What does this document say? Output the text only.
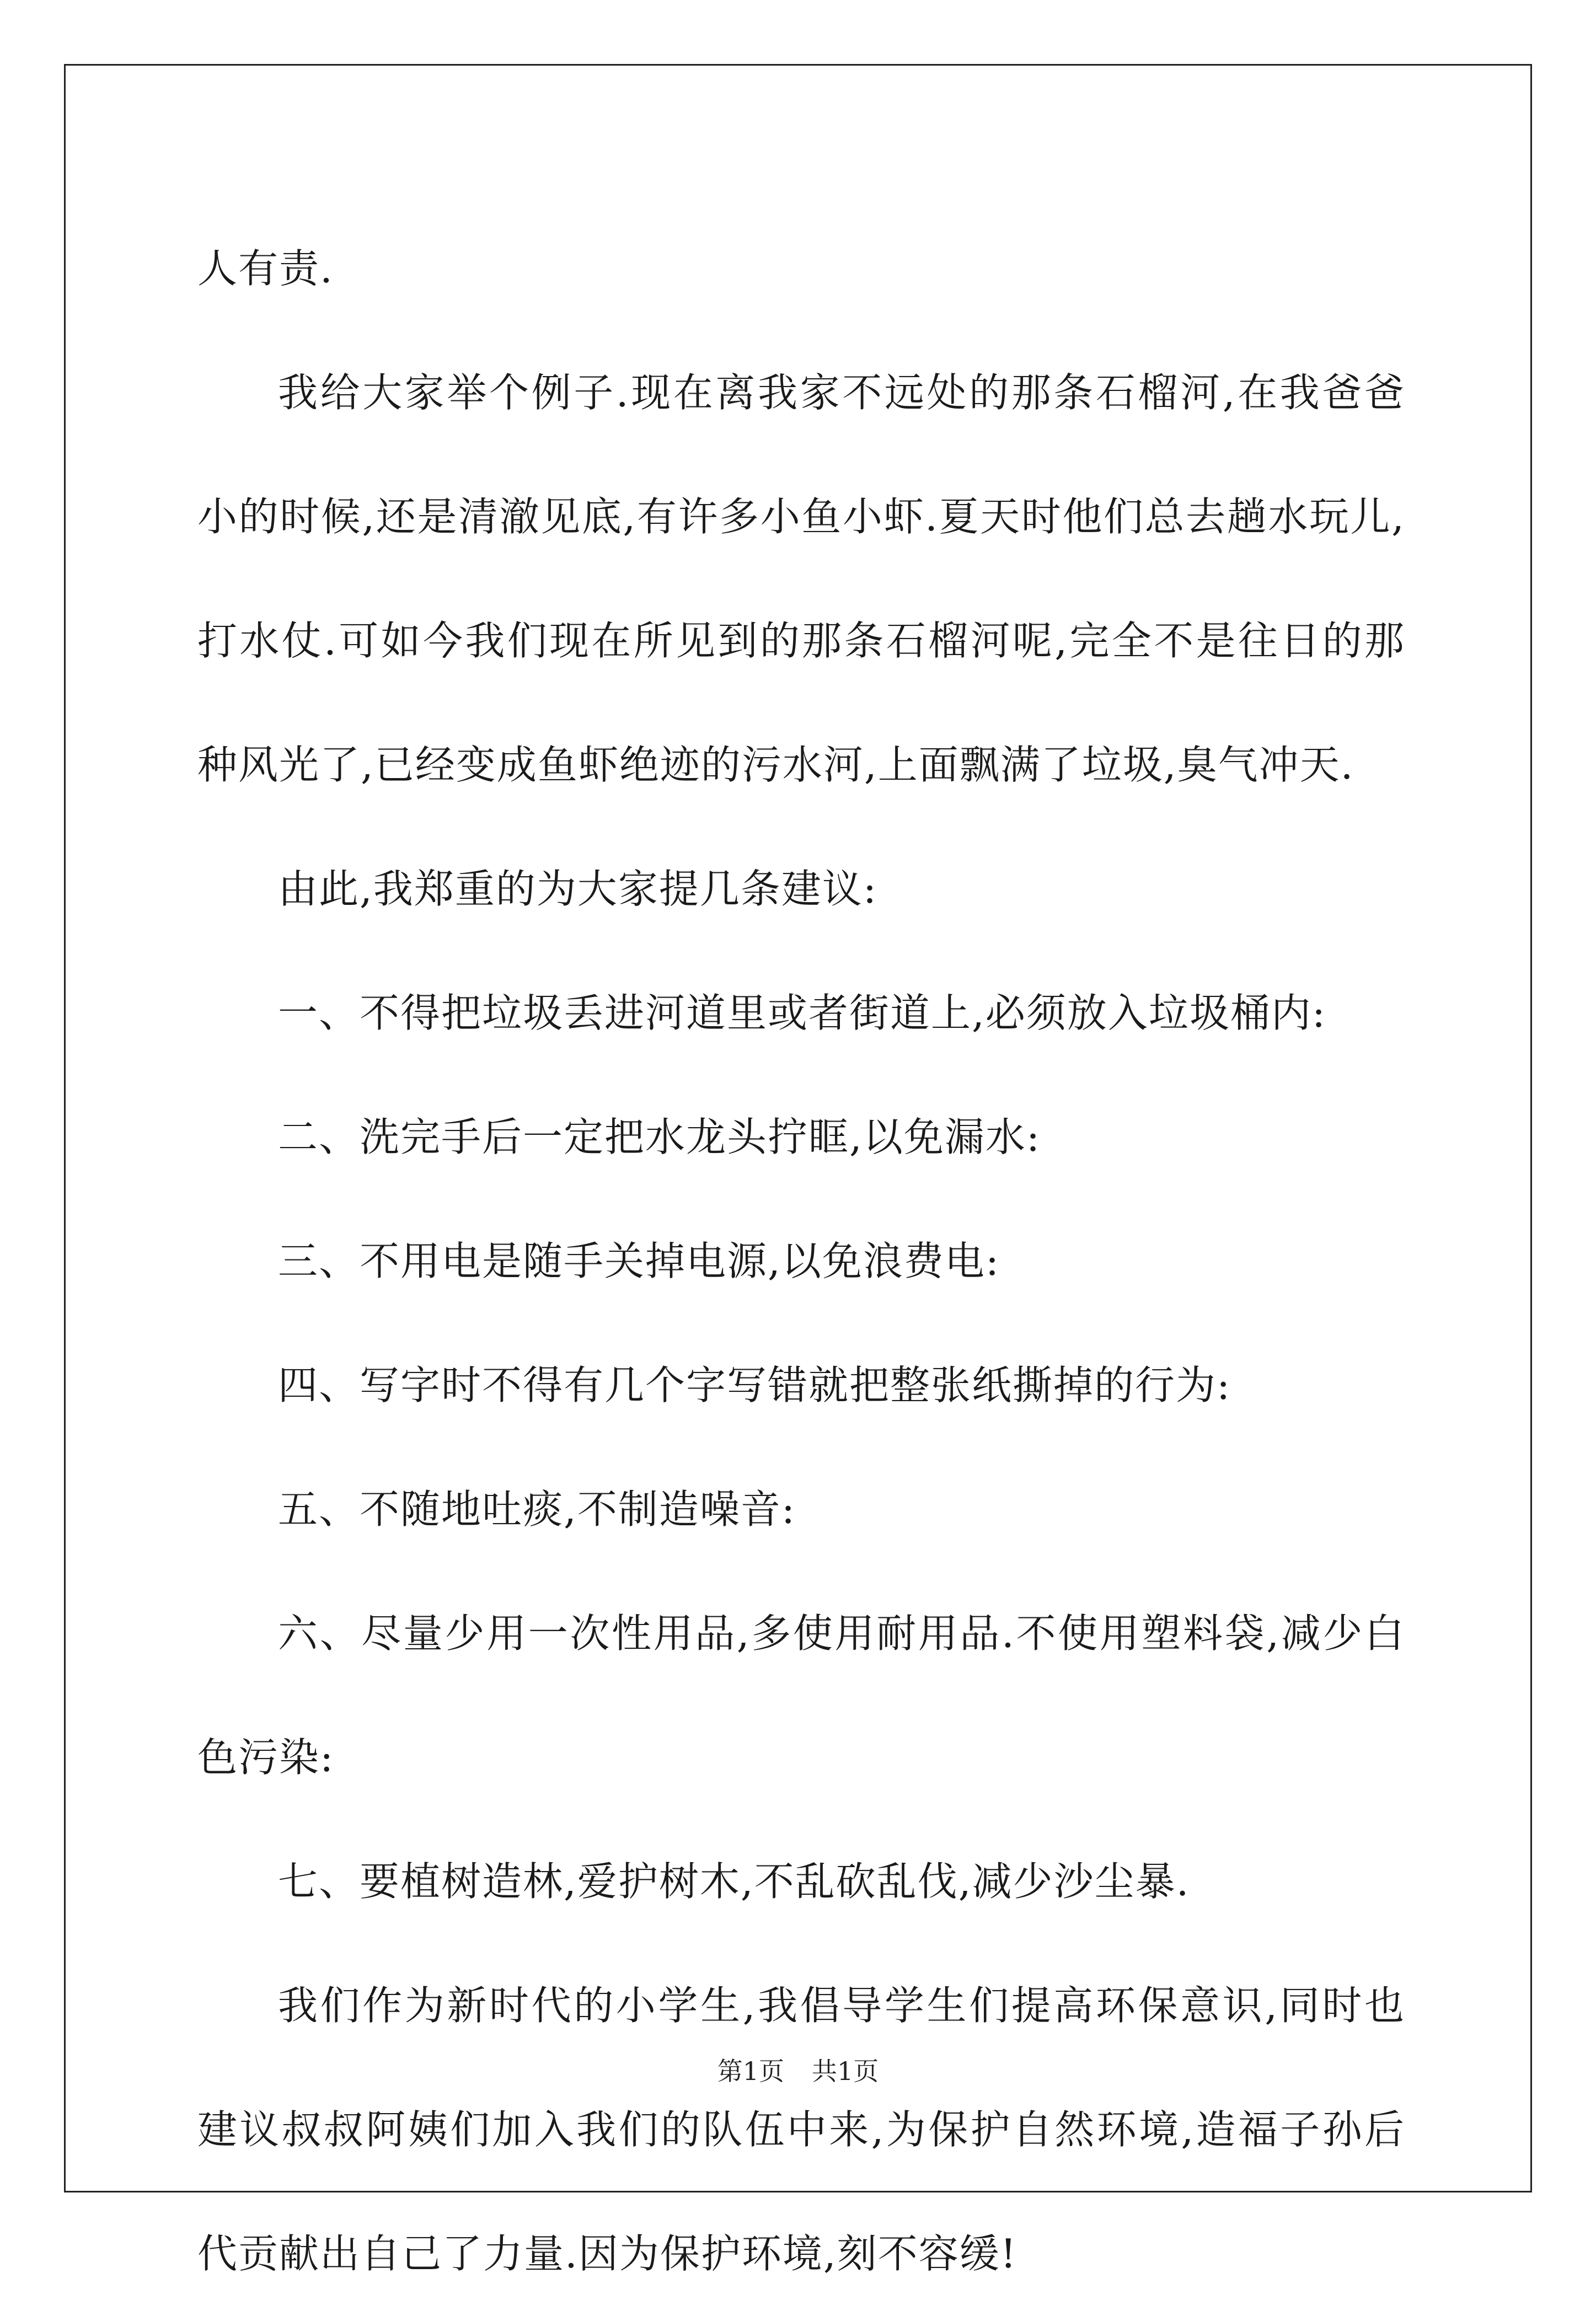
人有责.

我给大家举个例子.现在离我家不远处的那条石榴河,在我爸爸小的时候,还是清澈见底,有许多小鱼小虾.夏天时他们总去趟水玩儿,打水仗.可如今我们现在所见到的那条石榴河呢,完全不是往日的那种风光了,已经变成鱼虾绝迹的污水河,上面飘满了垃圾,臭气冲天.

由此,我郑重的为大家提几条建议:

一、不得把垃圾丢进河道里或者街道上,必须放入垃圾桶内:

二、洗完手后一定把水龙头拧眶,以免漏水:

三、不用电是随手关掉电源,以免浪费电:

四、写字时不得有几个字写错就把整张纸撕掉的行为:

五、不随地吐痰,不制造噪音:

六、尽量少用一次性用品,多使用耐用品.不使用塑料袋,减少白色污染:

七、要植树造林,爱护树木,不乱砍乱伐,减少沙尘暴.

我们作为新时代的小学生,我倡导学生们提高环保意识,同时也建议叔叔阿姨们加入我们的队伍中来,为保护自然环境,造福子孙后代贡献出自己了力量.因为保护环境,刻不容缓!

第1页 共1页
